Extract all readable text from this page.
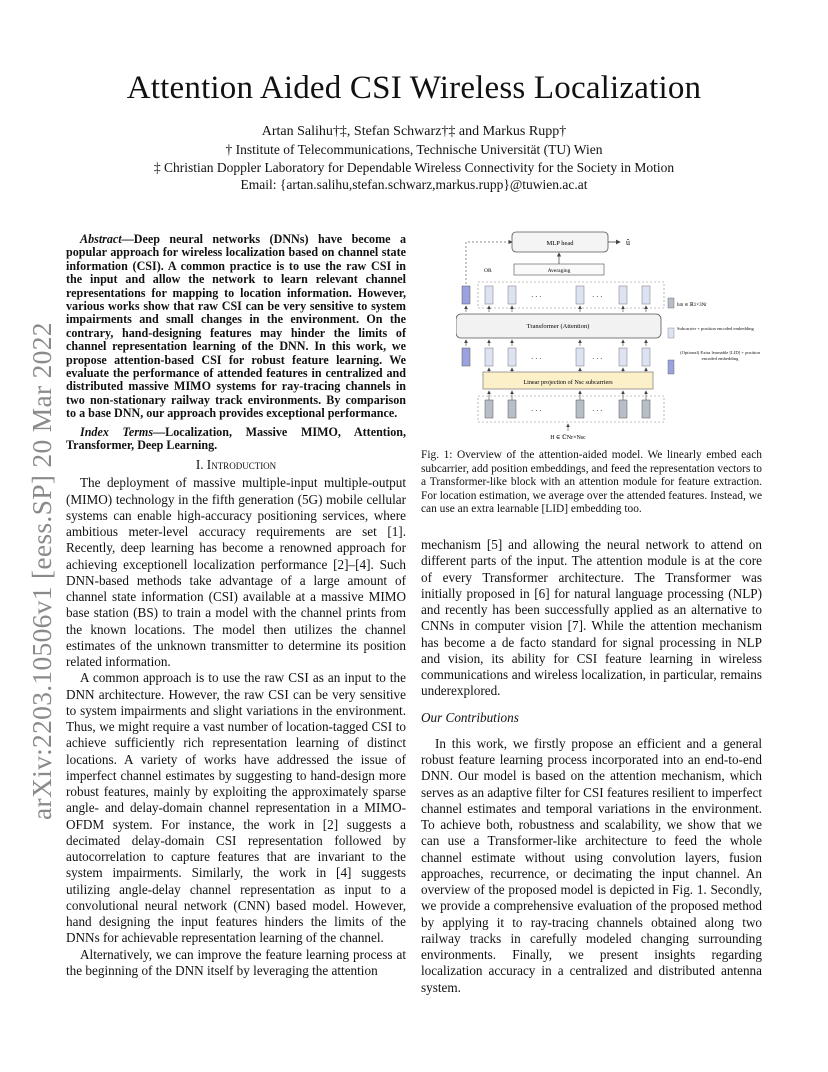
Attention Aided CSI Wireless Localization
Artan Salihu†‡, Stefan Schwarz†‡ and Markus Rupp†
† Institute of Telecommunications, Technische Universität (TU) Wien
‡ Christian Doppler Laboratory for Dependable Wireless Connectivity for the Society in Motion
Email: {artan.salihu,stefan.schwarz,markus.rupp}@tuwien.ac.at
arXiv:2203.10506v1 [eess.SP] 20 Mar 2022

Abstract—Deep neural networks (DNNs) have become a popular approach for wireless localization based on channel state information (CSI). A common practice is to use the raw CSI in the input and allow the network to learn relevant channel representations for mapping to location information. However, various works show that raw CSI can be very sensitive to system impairments and small changes in the environment. On the contrary, hand-designing features may hinder the limits of channel representation learning of the DNN. In this work, we propose attention-based CSI for robust feature learning. We evaluate the performance of attended features in centralized and distributed massive MIMO systems for ray-tracing channels in two non-stationary railway track environments. By comparison to a base DNN, our approach provides exceptional performance.

Index Terms—Localization, Massive MIMO, Attention, Transformer, Deep Learning.

I. Introduction

The deployment of massive multiple-input multiple-output (MIMO) technology in the fifth generation (5G) mobile cellular systems can enable high-accuracy positioning services, where ambitious meter-level accuracy requirements are set [1]. Recently, deep learning has become a renowned approach for achieving exceptionell localization performance [2]–[4]. Such DNN-based methods take advantage of a large amount of channel state information (CSI) available at a massive MIMO base station (BS) to train a model with the channel prints from the known locations. The model then utilizes the channel estimates of the unknown transmitter to determine its position related information.

A common approach is to use the raw CSI as an input to the DNN architecture. However, the raw CSI can be very sensitive to system impairments and slight variations in the environment. Thus, we might require a vast number of location-tagged CSI to achieve sufficiently rich representation learning of distinct locations. A variety of works have addressed the issue of imperfect channel estimates by suggesting to hand-design more robust features, mainly by exploiting the approximately sparse angle- and delay-domain channel representation in a MIMO-OFDM system. For instance, the work in [2] suggests a decimated delay-domain CSI representation followed by autocorrelation to capture features that are invariant to the system impairments. Similarly, the work in [4] suggests utilizing angle-delay channel representation as input to a convolutional neural network (CNN) based model. However, hand designing the input features hinders the limits of the DNNs for achievable representation learning of the channel.

Alternatively, we can improve the feature learning process at the beginning of the DNN itself by leveraging the attention

MLP head	û
Averaging
OR
· · ·	· · ·
hm ∈ ℝ1×3Nr
Transformer (Attention)	Subcarrier + position encoded embedding
(Optional) Extra learnable [LID] + position encoded embedding
· · ·	· · ·
Linear projection of Nsc subcarriers
· · ·	· · ·
H ∈ ℂNr×Nsc
Fig. 1: Overview of the attention-aided model. We linearly embed each subcarrier, add position embeddings, and feed the representation vectors to a Transformer-like block with an attention module for feature extraction. For location estimation, we average over the attended features. Instead, we can use an extra learnable [LID] embedding too.

mechanism [5] and allowing the neural network to attend on different parts of the input. The attention module is at the core of every Transformer architecture. The Transformer was initially proposed in [6] for natural language processing (NLP) and recently has been successfully applied as an alternative to CNNs in computer vision [7]. While the attention mechanism has become a de facto standard for signal processing in NLP and vision, its ability for CSI feature learning in wireless communications and wireless localization, in particular, remains underexplored.

Our Contributions

In this work, we firstly propose an efficient and a general robust feature learning process incorporated into an end-to-end DNN. Our model is based on the attention mechanism, which serves as an adaptive filter for CSI features resilient to imperfect channel estimates and temporal variations in the environment. To achieve both, robustness and scalability, we show that we can use a Transformer-like architecture to feed the whole channel estimate without using convolution layers, fusion approaches, recurrence, or decimating the input channel. An overview of the proposed model is depicted in Fig. 1. Secondly, we provide a comprehensive evaluation of the proposed method by applying it to ray-tracing channels obtained along two railway tracks in carefully modeled changing surrounding environments. Finally, we present insights regarding localization accuracy in a centralized and distributed antenna system.
